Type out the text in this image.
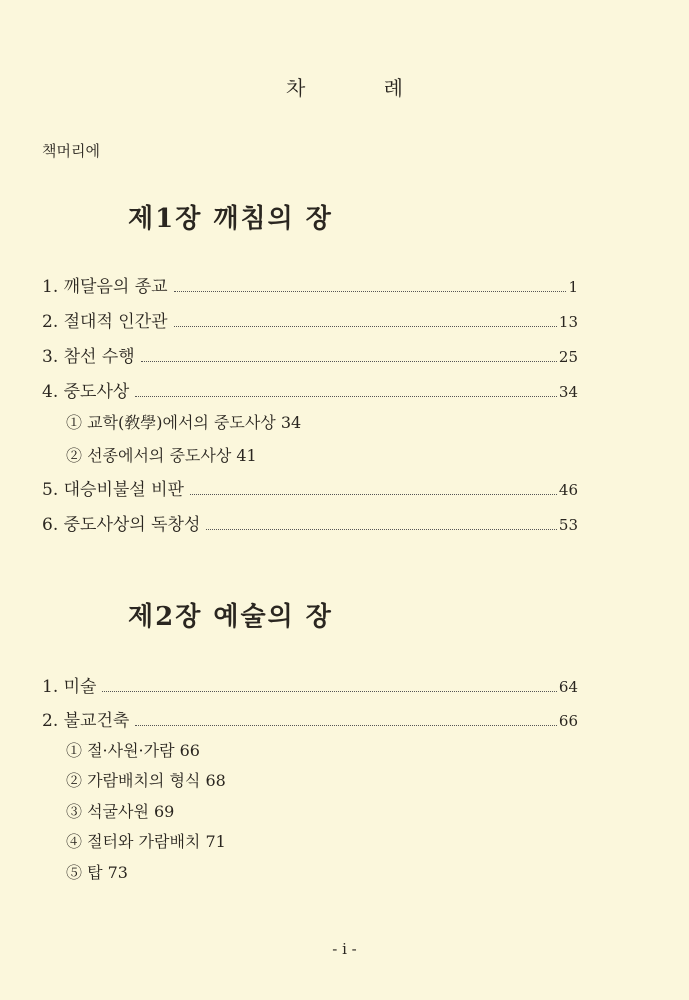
차 례
책머리에
제1장 깨침의 장
1. 깨달음의 종교	1
2. 절대적 인간관	13
3. 참선 수행	25
4. 중도사상	34
① 교학(敎學)에서의 중도사상 34
② 선종에서의 중도사상 41
5. 대승비불설 비판	46
6. 중도사상의 독창성	53
제2장 예술의 장
1. 미술	64
2. 불교건축	66
① 절·사원·가람 66
② 가람배치의 형식 68
③ 석굴사원 69
④ 절터와 가람배치 71
⑤ 탑 73
- i -
